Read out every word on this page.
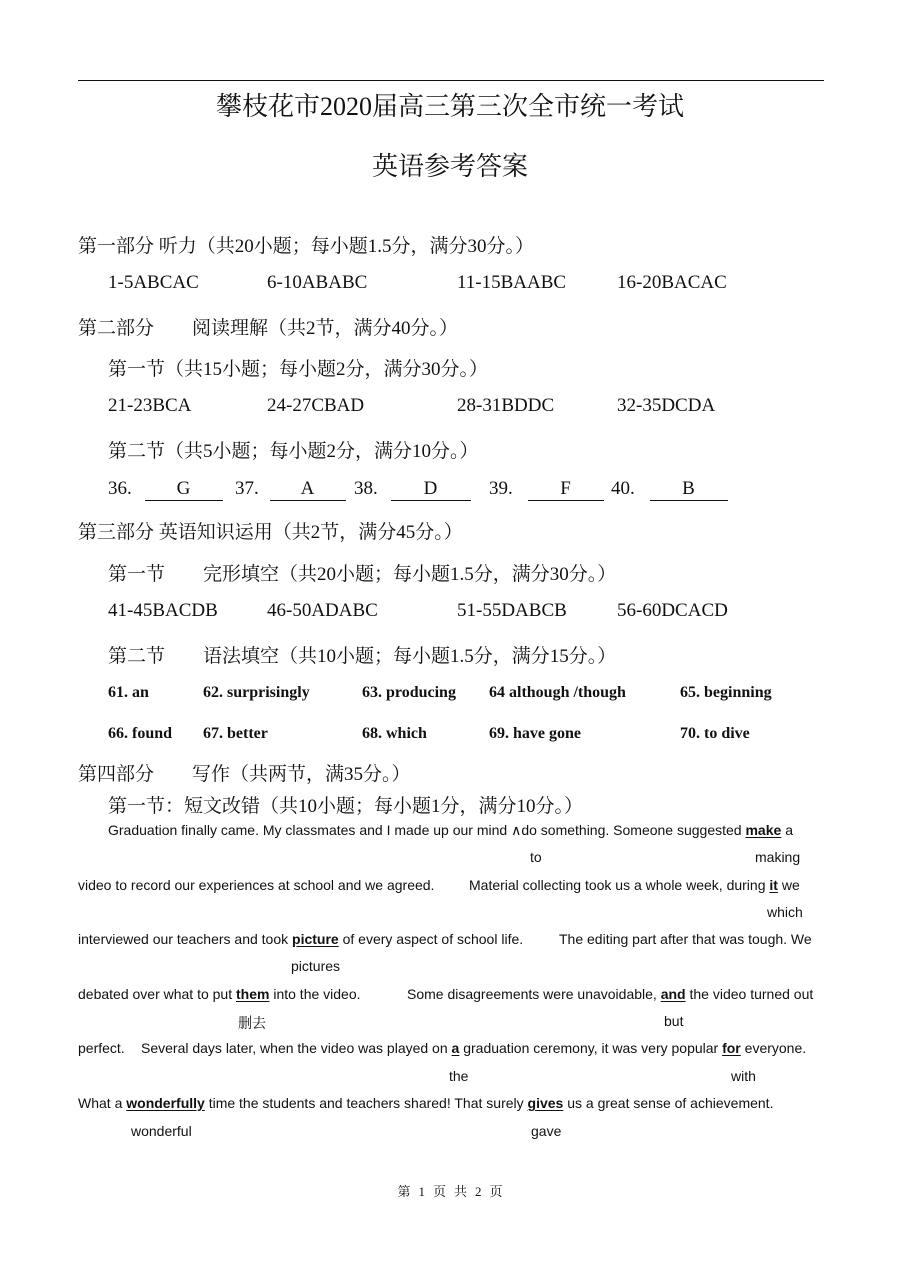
攀枝花市2020届高三第三次全市统一考试
英语参考答案
第一部分 听力（共20小题；每小题1.5分，满分30分。）
1-5ABCAC	6-10ABABC	11-15BAABC	16-20BACAC
第二部分　　阅读理解（共2节，满分40分。）
第一节（共15小题；每小题2分，满分30分。）
21-23BCA	24-27CBAD	28-31BDDC	32-35DCDA
第二节（共5小题；每小题2分，满分10分。）
36. G	37. A	38. D	39. F	40. B
第三部分 英语知识运用（共2节，满分45分。）
第一节　　完形填空（共20小题；每小题1.5分，满分30分。）
41-45BACDB	46-50ADABC	51-55DABCB	56-60DCACD
第二节　　语法填空（共10小题；每小题1.5分，满分15分。）
61. an	62. surprisingly	63. producing 64 although /though	65. beginning
66. found 67. better	68. which	69. have gone	70. to dive
第四部分　　写作（共两节，满35分。）
第一节：短文改错（共10小题；每小题1分，满分10分。）
Graduation finally came. My classmates and I made up our mind ∧do something. Someone suggested make a
to	making
video to record our experiences at school and we agreed. Material collecting took us a whole week, during it we
which
interviewed our teachers and took picture of every aspect of school life.	The editing part after that was tough. We
pictures
debated over what to put them into the video.	Some disagreements were unavoidable, and the video turned out
删去	but
perfect. Several days later, when the video was played on a graduation ceremony, it was very popular for everyone.
the	with
What a wonderfully time the students and teachers shared! That surely gives us a great sense of achievement.
wonderful	gave
第 1 页 共 2 页
